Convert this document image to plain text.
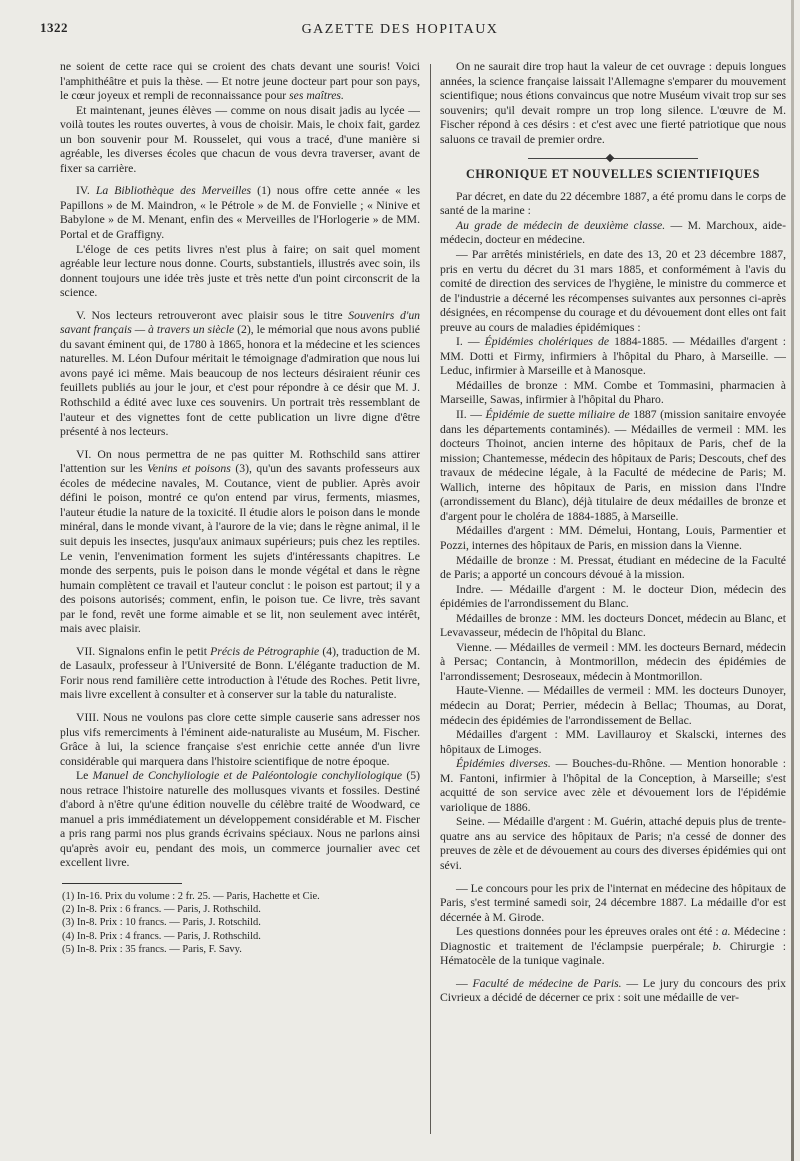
1322	GAZETTE DES HOPITAUX

ne soient de cette race qui se croient des chats devant une souris! Voici l'amphithéâtre et puis la thèse. — Et notre jeune docteur part pour son pays, le cœur joyeux et rempli de reconnaissance pour ses maîtres.

Et maintenant, jeunes élèves — comme on nous disait jadis au lycée — voilà toutes les routes ouvertes, à vous de choisir. Mais, le choix fait, gardez un bon souvenir pour M. Rousselet, qui vous a tracé, d'une manière si agréable, les diverses écoles que chacun de vous devra traverser, avant de fixer sa carrière.

IV. La Bibliothèque des Merveilles (1) nous offre cette année « les Papillons » de M. Maindron, « le Pétrole » de M. de Fonvielle ; « Ninive et Babylone » de M. Menant, enfin des « Merveilles de l'Horlogerie » de MM. Portal et de Graffigny.

L'éloge de ces petits livres n'est plus à faire; on sait quel moment agréable leur lecture nous donne. Courts, substantiels, illustrés avec soin, ils donnent toujours une idée très juste et très nette d'un point circonscrit de la science.

V. Nos lecteurs retrouveront avec plaisir sous le titre Souvenirs d'un savant français — à travers un siècle (2), le mémorial que nous avons publié du savant éminent qui, de 1780 à 1865, honora et la médecine et les sciences naturelles. M. Léon Dufour méritait le témoignage d'admiration que nous lui avons payé ici même. Mais beaucoup de nos lecteurs désiraient réunir ces feuillets publiés au jour le jour, et c'est pour répondre à ce désir que M. J. Rothschild a édité avec luxe ces souvenirs. Un portrait très ressemblant de l'auteur et des vignettes font de cette publication un livre digne d'être présenté à nos lecteurs.

VI. On nous permettra de ne pas quitter M. Rothschild sans attirer l'attention sur les Venins et poisons (3), qu'un des savants professeurs aux écoles de médecine navales, M. Coutance, vient de publier. Après avoir défini le poison, montré ce qu'on entend par virus, ferments, miasmes, l'auteur étudie la nature de la toxicité. Il étudie alors le poison dans le monde minéral, dans le monde vivant, à l'aurore de la vie; dans le règne animal, il le suit depuis les insectes, jusqu'aux animaux supérieurs; puis chez les reptiles. Le venin, l'envenimation forment les sujets d'intéressants chapitres. Le monde des serpents, puis le poison dans le monde végétal et dans le règne humain complètent ce travail et l'auteur conclut : le poison est partout; il y a des poisons autorisés; comment, enfin, le poison tue. Ce livre, très savant par le fond, revêt une forme aimable et se lit, non seulement avec intérêt, mais avec plaisir.

VII. Signalons enfin le petit Précis de Pétrographie (4), traduction de M. de Lasaulx, professeur à l'Université de Bonn. L'élégante traduction de M. Forir nous rend familière cette introduction à l'étude des Roches. Petit livre, mais livre excellent à consulter et à conserver sur la table du naturaliste.

VIII. Nous ne voulons pas clore cette simple causerie sans adresser nos plus vifs remerciments à l'éminent aide-naturaliste au Muséum, M. Fischer. Grâce à lui, la science française s'est enrichie cette année d'un livre considérable qui marquera dans l'histoire scientifique de notre époque.

Le Manuel de Conchyliologie et de Paléontologie conchyliologique (5) nous retrace l'histoire naturelle des mollusques vivants et fossiles. Destiné d'abord à n'être qu'une édition nouvelle du célèbre traité de Woodward, ce manuel a pris immédiatement un développement considérable et M. Fischer a pris rang parmi nos plus grands écrivains spéciaux. Nous ne parlons ainsi qu'après avoir eu, pendant des mois, un commerce journalier avec cet excellent livre.

(1) In-16. Prix du volume : 2 fr. 25. — Paris, Hachette et Cie.
(2) In-8. Prix : 6 francs. — Paris, J. Rothschild.
(3) In-8. Prix : 10 francs. — Paris, J. Rotschild.
(4) In-8. Prix : 4 francs. — Paris, J. Rothschild.
(5) In-8. Prix : 35 francs. — Paris, F. Savy.

On ne saurait dire trop haut la valeur de cet ouvrage : depuis longues années, la science française laissait l'Allemagne s'emparer du mouvement scientifique; nous étions convaincus que notre Muséum vivait trop sur ses souvenirs; qu'il devait rompre un trop long silence. L'œuvre de M. Fischer répond à ces désirs : et c'est avec une fierté patriotique que nous saluons ce travail de premier ordre.

CHRONIQUE ET NOUVELLES SCIENTIFIQUES

Par décret, en date du 22 décembre 1887, a été promu dans le corps de santé de la marine :

Au grade de médecin de deuxième classe. — M. Marchoux, aide-médecin, docteur en médecine.

— Par arrêtés ministériels, en date des 13, 20 et 23 décembre 1887, pris en vertu du décret du 31 mars 1885, et conformément à l'avis du comité de direction des services de l'hygiène, le ministre du commerce et de l'industrie a décerné les récompenses suivantes aux personnes ci-après désignées, en récompense du courage et du dévouement dont elles ont fait preuve au cours de maladies épidémiques :

I. — Épidémies cholériques de 1884-1885. — Médailles d'argent : MM. Dotti et Firmy, infirmiers à l'hôpital du Pharo, à Marseille. — Leduc, infirmier à Marseille et à Manosque.

Médailles de bronze : MM. Combe et Tommasini, pharmacien à Marseille, Sawas, infirmier à l'hôpital du Pharo.

II. — Épidémie de suette miliaire de 1887 (mission sanitaire envoyée dans les départements contaminés). — Médailles de vermeil : MM. les docteurs Thoinot, ancien interne des hôpitaux de Paris, chef de la mission; Chantemesse, médecin des hôpitaux de Paris; Descouts, chef des travaux de médecine légale, à la Faculté de médecine de Paris; M. Wallich, interne des hôpitaux de Paris, en mission dans l'Indre (arrondissement du Blanc), déjà titulaire de deux médailles de bronze et d'argent pour le choléra de 1884-1885, à Marseille.

Médailles d'argent : MM. Démelui, Hontang, Louis, Parmentier et Pozzi, internes des hôpitaux de Paris, en mission dans la Vienne.

Médaille de bronze : M. Pressat, étudiant en médecine de la Faculté de Paris; a apporté un concours dévoué à la mission.

Indre. — Médaille d'argent : M. le docteur Dion, médecin des épidémies de l'arrondissement du Blanc.

Médailles de bronze : MM. les docteurs Doncet, médecin au Blanc, et Levavasseur, médecin de l'hôpital du Blanc.

Vienne. — Médailles de vermeil : MM. les docteurs Bernard, médecin à Persac; Contancin, à Montmorillon, médecin des épidémies de l'arrondissement; Desroseaux, médecin à Montmorillon.

Haute-Vienne. — Médailles de vermeil : MM. les docteurs Dunoyer, médecin au Dorat; Perrier, médecin à Bellac; Thoumas, au Dorat, médecin des épidémies de l'arrondissement de Bellac.

Médailles d'argent : MM. Lavillauroy et Skalscki, internes des hôpitaux de Limoges.

Épidémies diverses. — Bouches-du-Rhône. — Mention honorable : M. Fantoni, infirmier à l'hôpital de la Conception, à Marseille; s'est acquitté de son service avec zèle et dévouement lors de l'épidémie variolique de 1886.

Seine. — Médaille d'argent : M. Guérin, attaché depuis plus de trente-quatre ans au service des hôpitaux de Paris; n'a cessé de donner des preuves de zèle et de dévouement au cours des diverses épidémies qui ont sévi.

— Le concours pour les prix de l'internat en médecine des hôpitaux de Paris, s'est terminé samedi soir, 24 décembre 1887. La médaille d'or est décernée à M. Girode.

Les questions données pour les épreuves orales ont été : a. Médecine : Diagnostic et traitement de l'éclampsie puerpérale; b. Chirurgie : Hématocèle de la tunique vaginale.

— Faculté de médecine de Paris. — Le jury du concours des prix Civrieux a décidé de décerner ce prix : soit une médaille de ver-
